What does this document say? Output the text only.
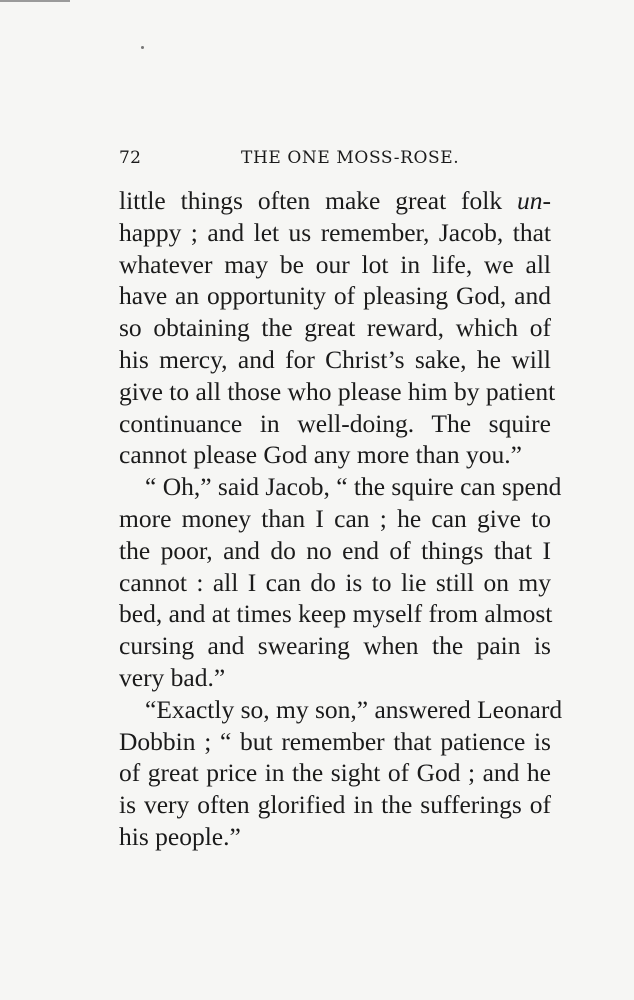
72	THE ONE MOSS-ROSE.
little things often make great folk un-
happy ; and let us remember, Jacob, that
whatever may be our lot in life, we all
have an opportunity of pleasing God, and
so obtaining the great reward, which of
his mercy, and for Christ’s sake, he will
give to all those who please him by patient
continuance in well-doing. The squire
cannot please God any more than you.”
“ Oh,” said Jacob, “ the squire can spend
more money than I can ; he can give to
the poor, and do no end of things that I
cannot : all I can do is to lie still on my
bed, and at times keep myself from almost
cursing and swearing when the pain is
very bad.”
“Exactly so, my son,” answered Leonard
Dobbin ; “ but remember that patience is
of great price in the sight of God ; and he
is very often glorified in the sufferings of
his people.”
